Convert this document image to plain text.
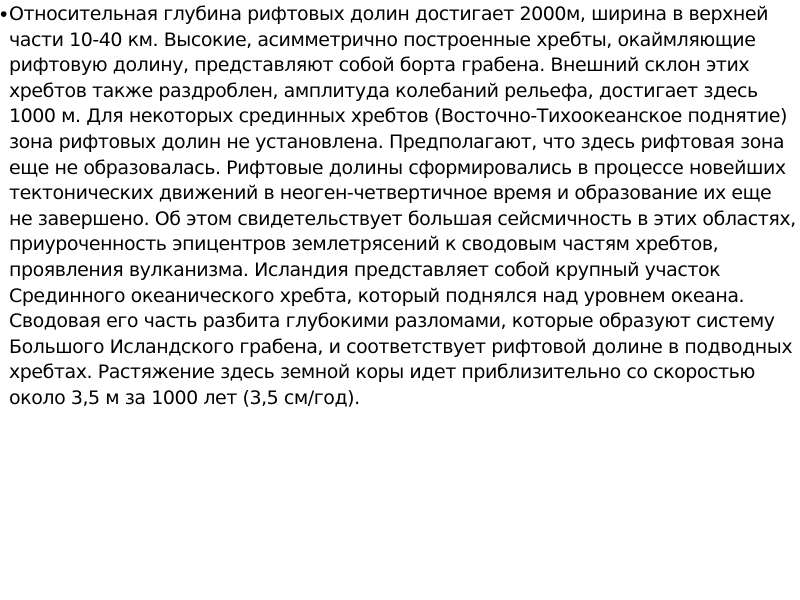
• Относительная глубина рифтовых долин достигает 2000м, ширина в верхней части 10-40 км. Высокие, асимметрично построенные хребты, окаймляющие рифтовую долину, представляют собой борта грабена. Внешний склон этих хребтов также раздроблен, амплитуда колебаний рельефа, достигает здесь 1000 м. Для некоторых срединных хребтов (Восточно-Тихоокеанское поднятие) зона рифтовых долин не установлена. Предполагают, что здесь рифтовая зона еще не образовалась. Рифтовые долины сформировались в процессе новейших тектонических движений в неоген-четвертичное время и образование их еще не завершено. Об этом свидетельствует большая сейсмичность в этих областях, приуроченность эпицентров землетрясений к сводовым частям хребтов, проявления вулканизма. Исландия представляет собой крупный участок Срединного океанического хребта, который поднялся над уровнем океана. Сводовая его часть разбита глубокими разломами, которые образуют систему Большого Исландского грабена, и соответствует рифтовой долине в подводных хребтах. Растяжение здесь земной коры идет приблизительно со скоростью около 3,5 м за 1000 лет (3,5 см/год).
